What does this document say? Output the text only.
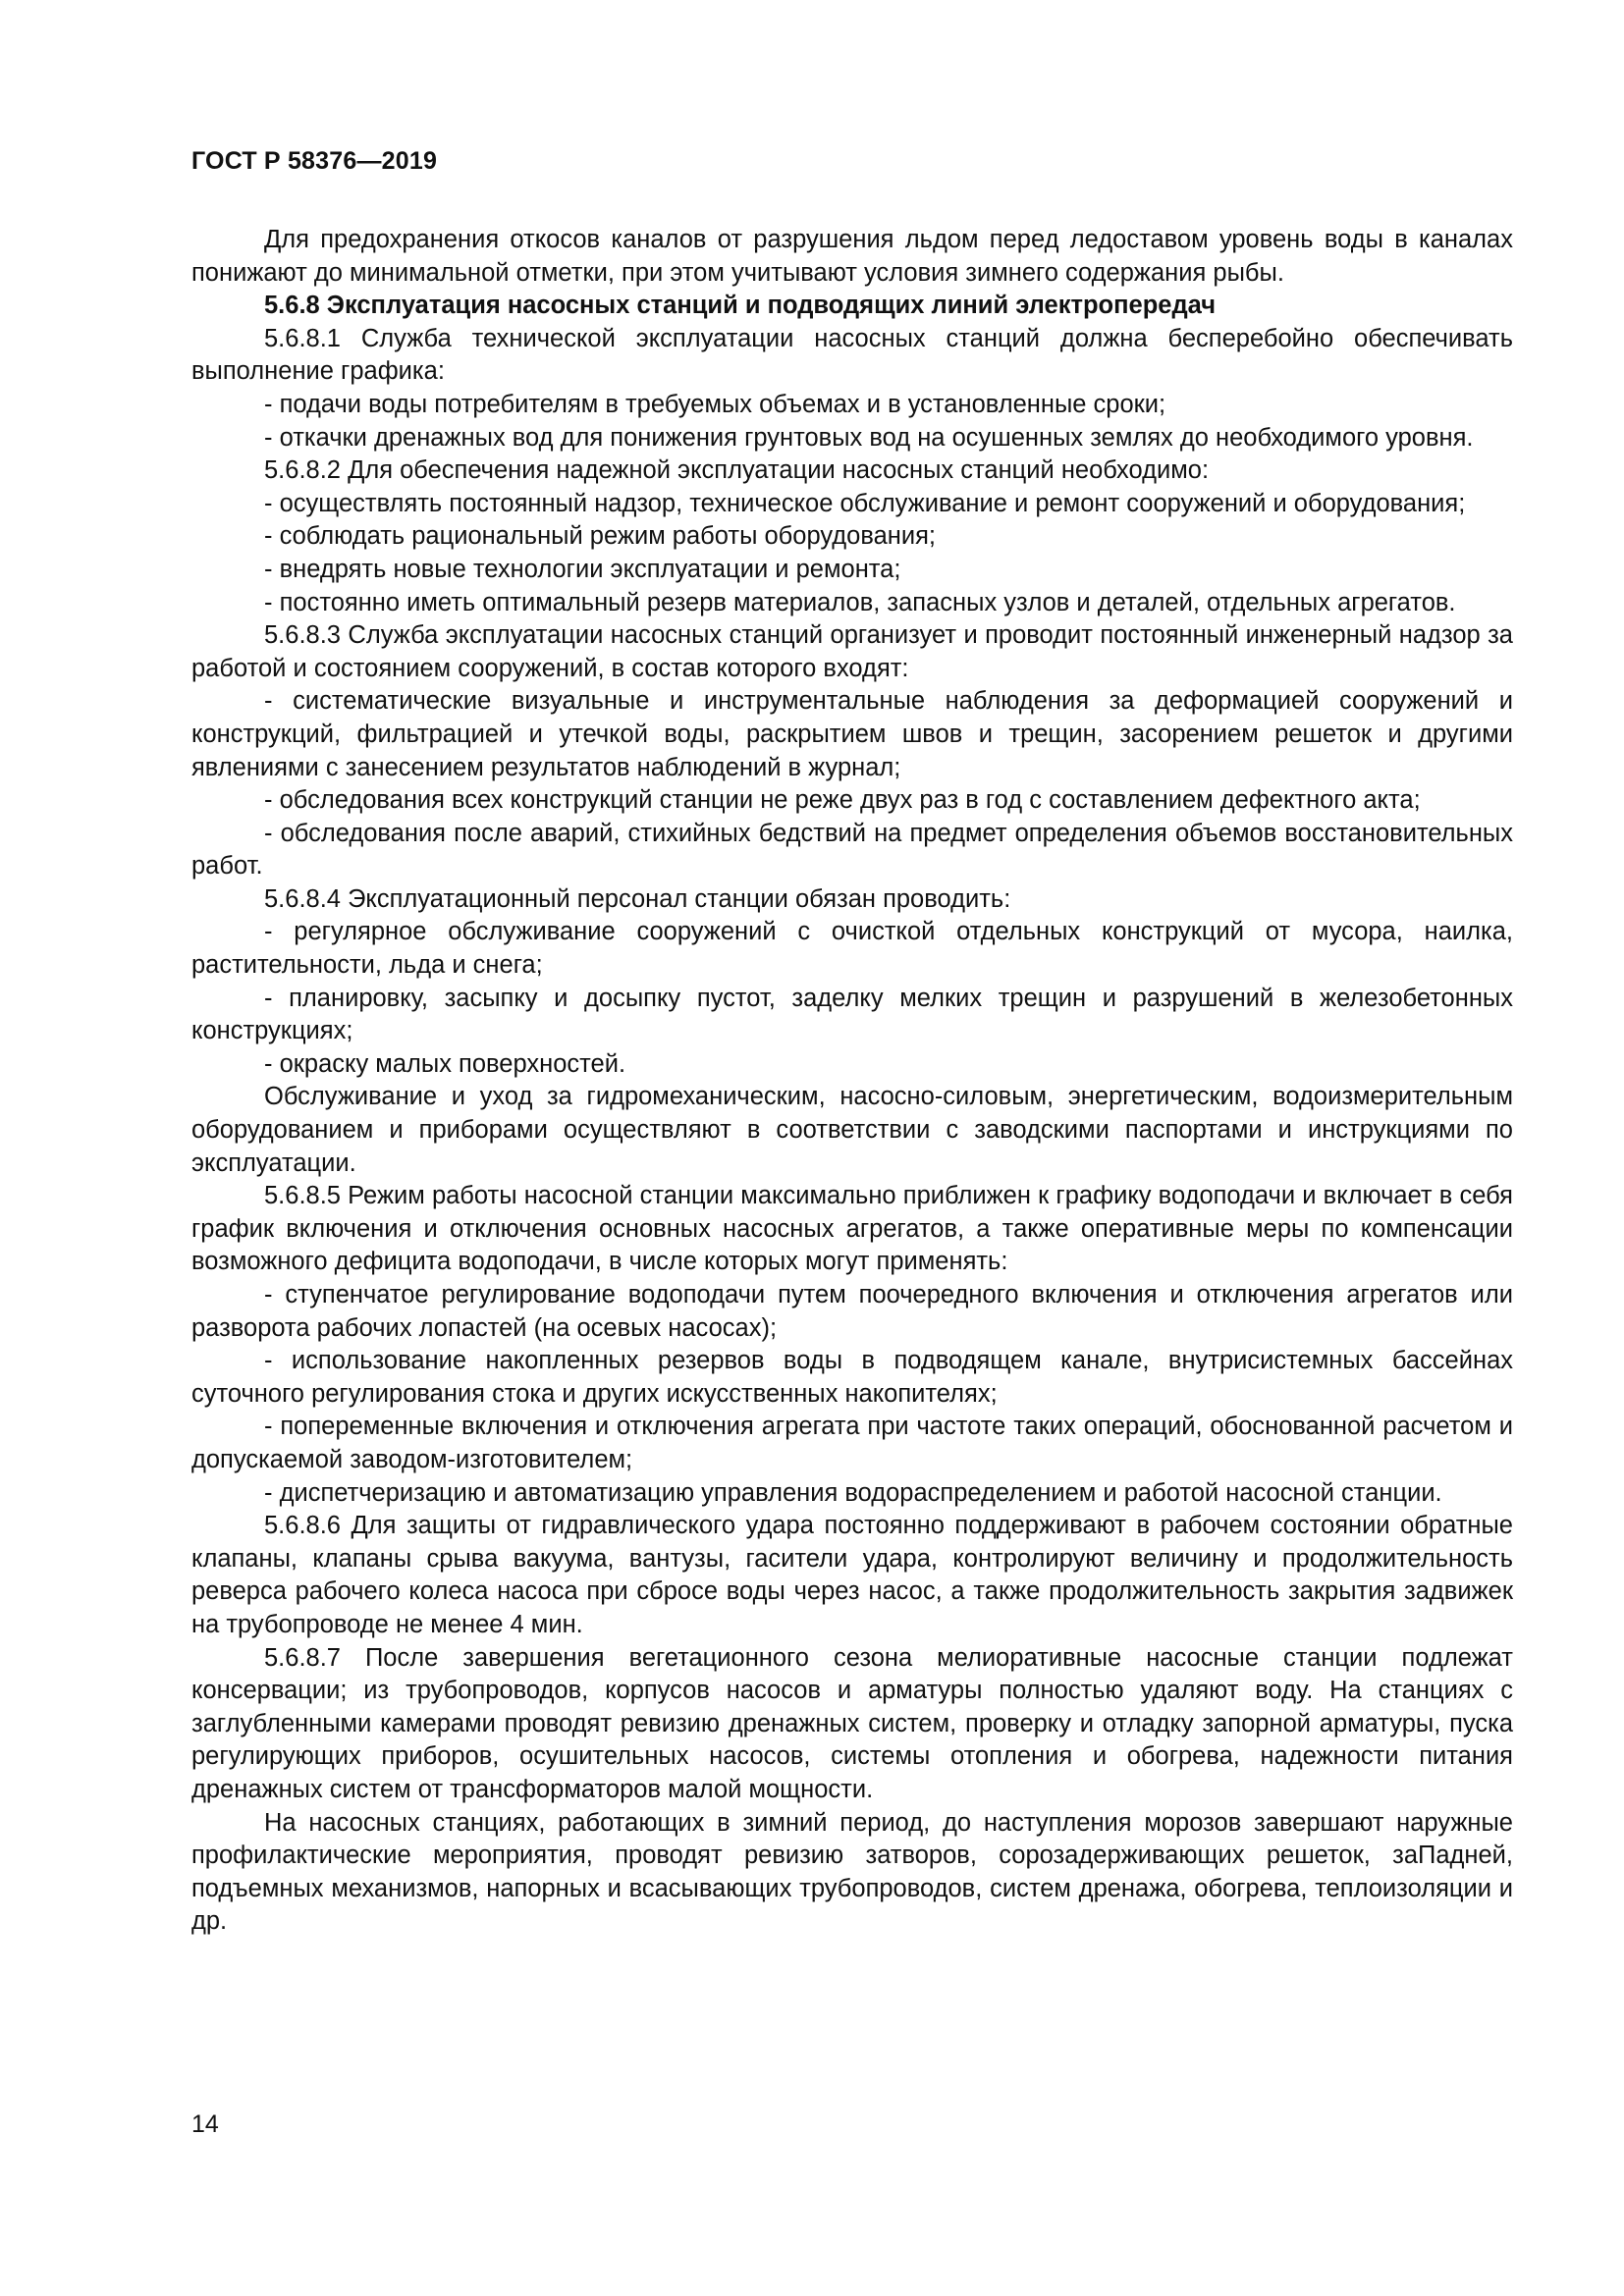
ГОСТ Р 58376—2019

Для предохранения откосов каналов от разрушения льдом перед ледоставом уровень воды в каналах понижают до минимальной отметки, при этом учитывают условия зимнего содержания рыбы.

5.6.8 Эксплуатация насосных станций и подводящих линий электропередач

5.6.8.1 Служба технической эксплуатации насосных станций должна бесперебойно обеспечивать выполнение графика:

- подачи воды потребителям в требуемых объемах и в установленные сроки;

- откачки дренажных вод для понижения грунтовых вод на осушенных землях до необходимого уровня.

5.6.8.2 Для обеспечения надежной эксплуатации насосных станций необходимо:

- осуществлять постоянный надзор, техническое обслуживание и ремонт сооружений и оборудования;

- соблюдать рациональный режим работы оборудования;

- внедрять новые технологии эксплуатации и ремонта;

- постоянно иметь оптимальный резерв материалов, запасных узлов и деталей, отдельных агрегатов.

5.6.8.3 Служба эксплуатации насосных станций организует и проводит постоянный инженерный надзор за работой и состоянием сооружений, в состав которого входят:

- систематические визуальные и инструментальные наблюдения за деформацией сооружений и конструкций, фильтрацией и утечкой воды, раскрытием швов и трещин, засорением решеток и другими явлениями с занесением результатов наблюдений в журнал;

- обследования всех конструкций станции не реже двух раз в год с составлением дефектного акта;

- обследования после аварий, стихийных бедствий на предмет определения объемов восстановительных работ.

5.6.8.4 Эксплуатационный персонал станции обязан проводить:

- регулярное обслуживание сооружений с очисткой отдельных конструкций от мусора, наилка, растительности, льда и снега;

- планировку, засыпку и досыпку пустот, заделку мелких трещин и разрушений в железобетонных конструкциях;

- окраску малых поверхностей.

Обслуживание и уход за гидромеханическим, насосно-силовым, энергетическим, водоизмерительным оборудованием и приборами осуществляют в соответствии с заводскими паспортами и инструкциями по эксплуатации.

5.6.8.5 Режим работы насосной станции максимально приближен к графику водоподачи и включает в себя график включения и отключения основных насосных агрегатов, а также оперативные меры по компенсации возможного дефицита водоподачи, в числе которых могут применять:

- ступенчатое регулирование водоподачи путем поочередного включения и отключения агрегатов или разворота рабочих лопастей (на осевых насосах);

- использование накопленных резервов воды в подводящем канале, внутрисистемных бассейнах суточного регулирования стока и других искусственных накопителях;

- попеременные включения и отключения агрегата при частоте таких операций, обоснованной расчетом и допускаемой заводом-изготовителем;

- диспетчеризацию и автоматизацию управления водораспределением и работой насосной станции.

5.6.8.6 Для защиты от гидравлического удара постоянно поддерживают в рабочем состоянии обратные клапаны, клапаны срыва вакуума, вантузы, гасители удара, контролируют величину и продолжительность реверса рабочего колеса насоса при сбросе воды через насос, а также продолжительность закрытия задвижек на трубопроводе не менее 4 мин.

5.6.8.7 После завершения вегетационного сезона мелиоративные насосные станции подлежат консервации; из трубопроводов, корпусов насосов и арматуры полностью удаляют воду. На станциях с заглубленными камерами проводят ревизию дренажных систем, проверку и отладку запорной арматуры, пуска регулирующих приборов, осушительных насосов, системы отопления и обогрева, надежности питания дренажных систем от трансформаторов малой мощности.

На насосных станциях, работающих в зимний период, до наступления морозов завершают наружные профилактические мероприятия, проводят ревизию затворов, сорозадерживающих решеток, заПадней, подъемных механизмов, напорных и всасывающих трубопроводов, систем дренажа, обогрева, теплоизоляции и др.

14
